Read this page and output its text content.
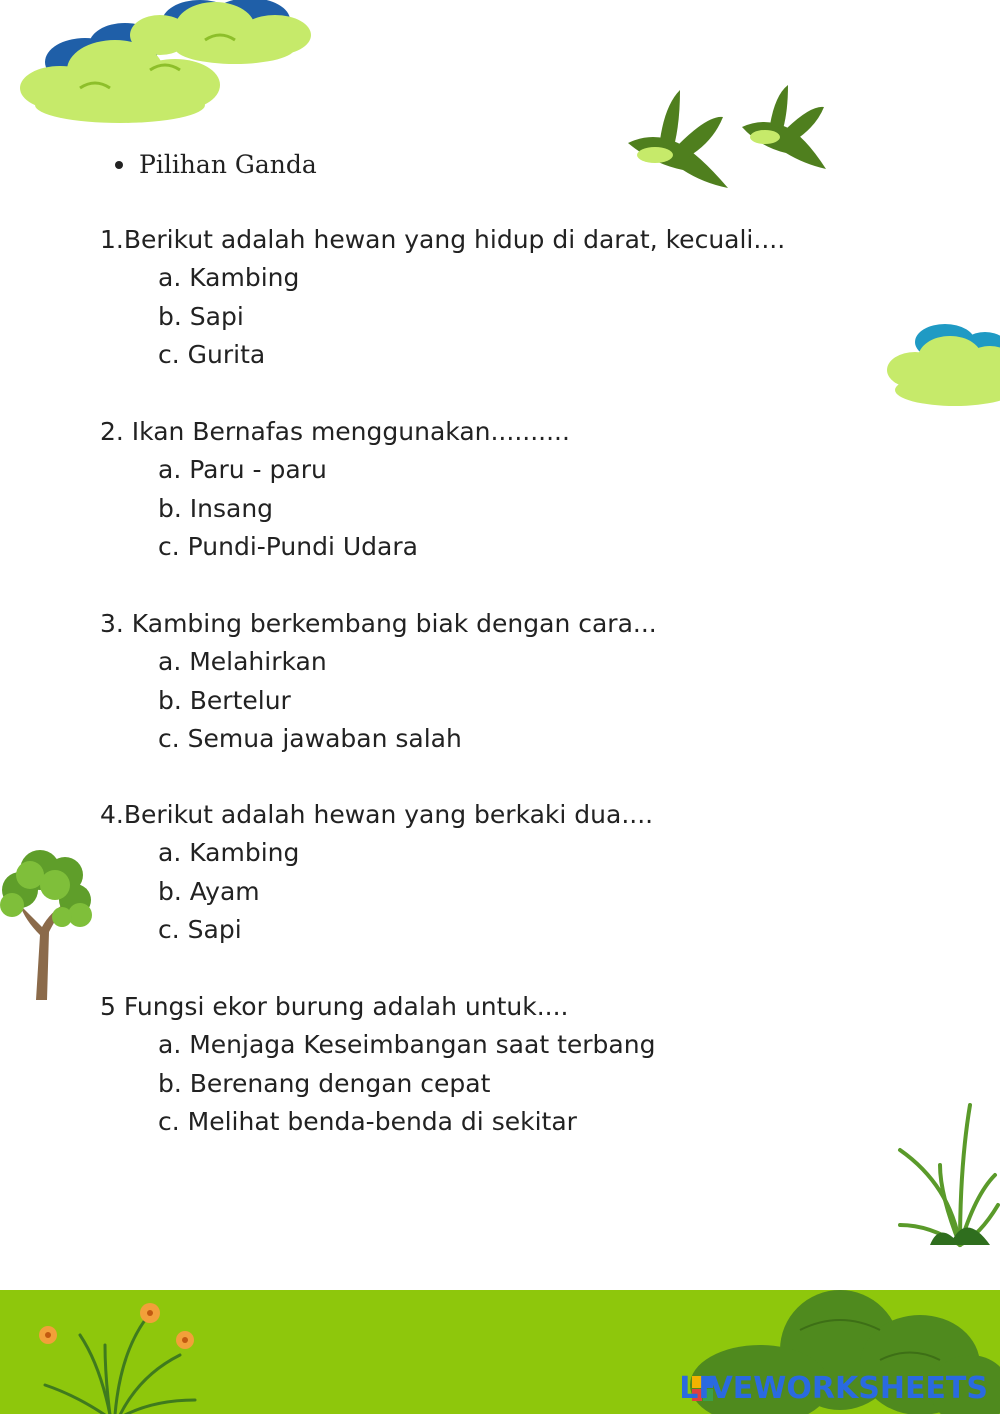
Pilihan Ganda

1.Berikut adalah hewan yang hidup di darat, kecuali....
a. Kambing
b. Sapi
c. Gurita
2. Ikan Bernafas menggunakan..........
a. Paru - paru
b. Insang
c. Pundi-Pundi Udara
3. Kambing berkembang biak dengan cara...
a. Melahirkan
b. Bertelur
c. Semua jawaban salah
4.Berikut adalah hewan yang berkaki dua....
a. Kambing
b. Ayam
c. Sapi
5 Fungsi ekor burung adalah untuk....
a. Menjaga Keseimbangan saat terbang
b. Berenang dengan cepat
c. Melihat benda-benda di sekitar
LIVEWORKSHEETS
